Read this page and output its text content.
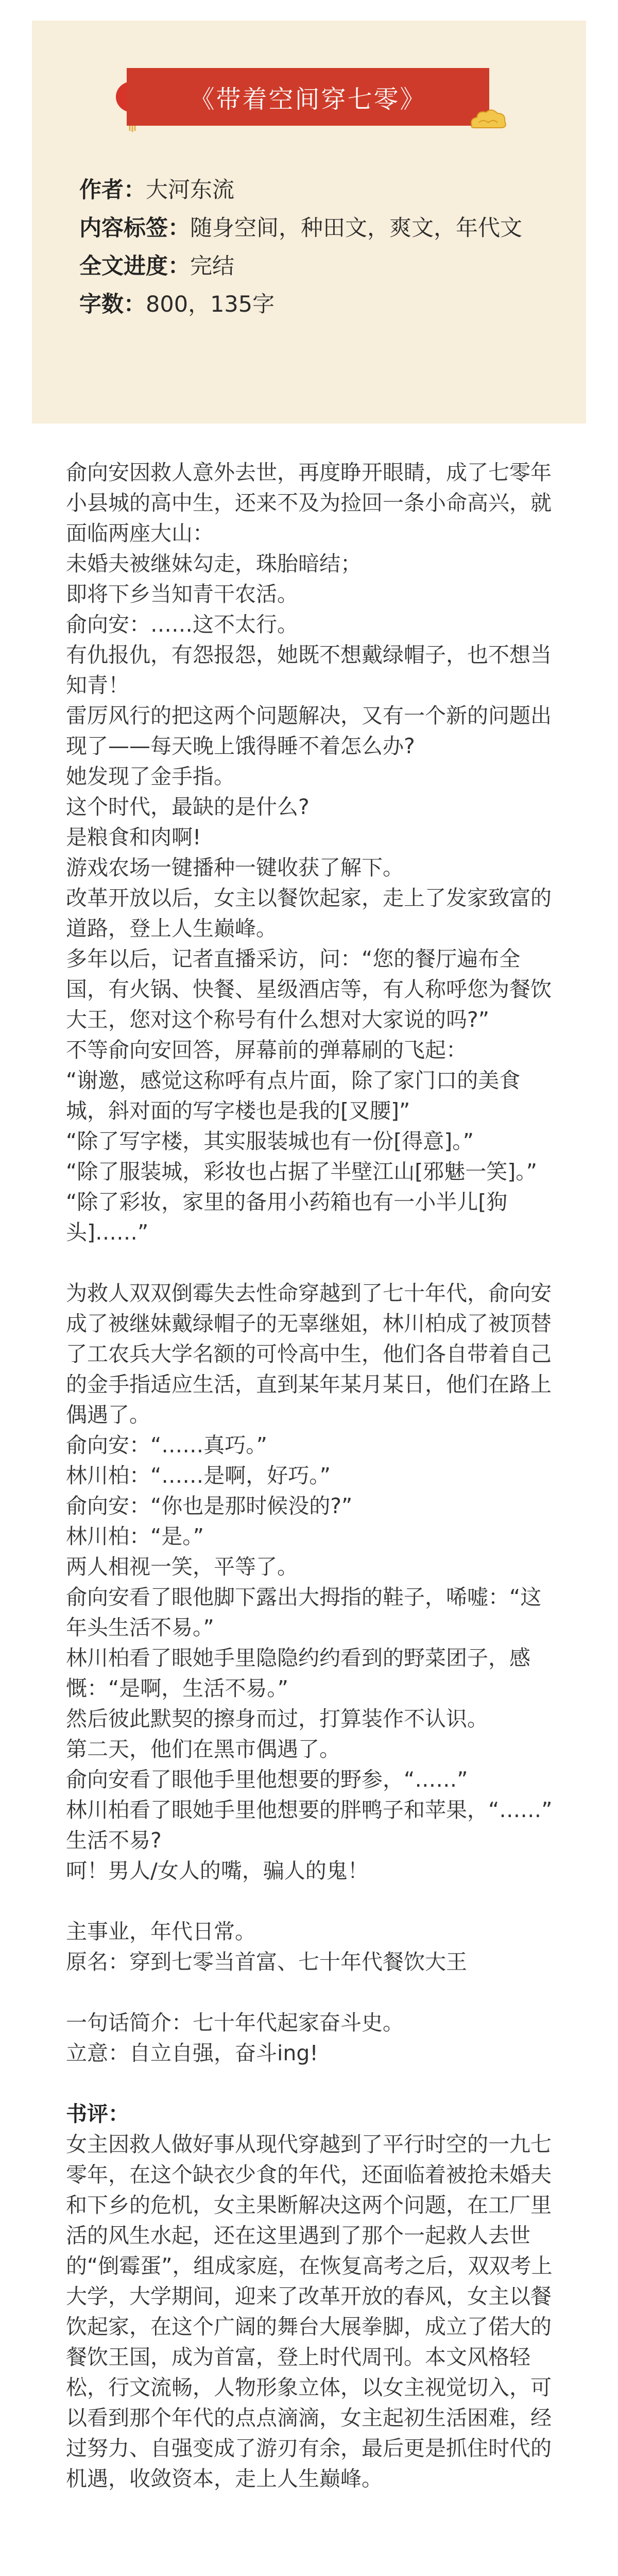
《带着空间穿七零》
作者：大河东流
内容标签：随身空间，种田文，爽文，年代文
全文进度：完结
字数：800，135字

俞向安因救人意外去世，再度睁开眼睛，成了七零年小县城的高中生，还来不及为捡回一条小命高兴，就面临两座大山：

未婚夫被继妹勾走，珠胎暗结；

即将下乡当知青干农活。

俞向安：……这不太行。

有仇报仇，有怨报怨，她既不想戴绿帽子，也不想当知青！

雷厉风行的把这两个问题解决，又有一个新的问题出现了——每天晚上饿得睡不着怎么办?

她发现了金手指。

这个时代，最缺的是什么?

是粮食和肉啊!

游戏农场一键播种一键收获了解下。

改革开放以后，女主以餐饮起家，走上了发家致富的道路，登上人生巅峰。

多年以后，记者直播采访，问：“您的餐厅遍布全国，有火锅、快餐、星级酒店等，有人称呼您为餐饮大王，您对这个称号有什么想对大家说的吗?”

不等俞向安回答，屏幕前的弹幕刷的飞起：

“谢邀，感觉这称呼有点片面，除了家门口的美食城，斜对面的写字楼也是我的[叉腰]”

“除了写字楼，其实服装城也有一份[得意]。”

“除了服装城，彩妆也占据了半壁江山[邪魅一笑]。”

“除了彩妆，家里的备用小药箱也有一小半儿[狗头]……”

为救人双双倒霉失去性命穿越到了七十年代，俞向安成了被继妹戴绿帽子的无辜继姐，林川柏成了被顶替了工农兵大学名额的可怜高中生，他们各自带着自己的金手指适应生活，直到某年某月某日，他们在路上偶遇了。

俞向安：“……真巧。”

林川柏：“……是啊，好巧。”

俞向安：“你也是那时候没的?”

林川柏：“是。”

两人相视一笑，平等了。

俞向安看了眼他脚下露出大拇指的鞋子，唏嘘：“这年头生活不易。”

林川柏看了眼她手里隐隐约约看到的野菜团子，感慨：“是啊，生活不易。”

然后彼此默契的擦身而过，打算装作不认识。

第二天，他们在黑市偶遇了。

俞向安看了眼他手里他想要的野参，“……”

林川柏看了眼她手里他想要的胖鸭子和苹果，“……”

生活不易?

呵！男人/女人的嘴，骗人的鬼！

主事业，年代日常。

原名：穿到七零当首富、七十年代餐饮大王

一句话简介：七十年代起家奋斗史。

立意：自立自强，奋斗ing!

书评：

女主因救人做好事从现代穿越到了平行时空的一九七零年，在这个缺衣少食的年代，还面临着被抢未婚夫和下乡的危机，女主果断解决这两个问题，在工厂里活的风生水起，还在这里遇到了那个一起救人去世的“倒霉蛋”，组成家庭，在恢复高考之后，双双考上大学，大学期间，迎来了改革开放的春风，女主以餐饮起家，在这个广阔的舞台大展拳脚，成立了偌大的餐饮王国，成为首富，登上时代周刊。本文风格轻松，行文流畅，人物形象立体，以女主视觉切入，可以看到那个年代的点点滴滴，女主起初生活困难，经过努力、自强变成了游刃有余，最后更是抓住时代的机遇，收敛资本，走上人生巅峰。
